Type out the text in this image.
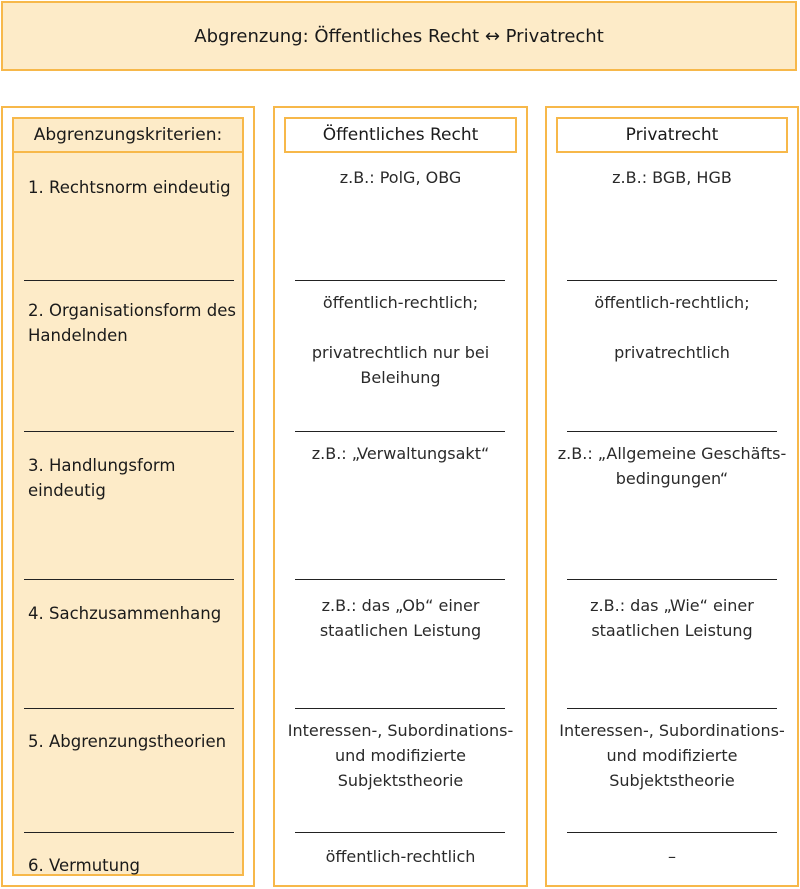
Abgrenzung: Öffentliches Recht ↔ Privatrecht
Abgrenzungskriterien:
1. Rechtsnorm eindeutig
2. Organisationsform des
Handelnden
3. Handlungsform
eindeutig
4. Sachzusammenhang
5. Abgrenzungstheorien
6. Vermutung
Öffentliches Recht
z.B.: PolG, OBG
öffentlich-rechtlich;

privatrechtlich nur bei
Beleihung
z.B.: „Verwaltungsakt“
z.B.: das „Ob“ einer
staatlichen Leistung
Interessen-, Subordinations-
und modifizierte
Subjektstheorie
öffentlich-rechtlich
Privatrecht
z.B.: BGB, HGB
öffentlich-rechtlich;

privatrechtlich
z.B.: „Allgemeine Geschäfts-
bedingungen“
z.B.: das „Wie“ einer
staatlichen Leistung
Interessen-, Subordinations-
und modifizierte
Subjektstheorie
–
